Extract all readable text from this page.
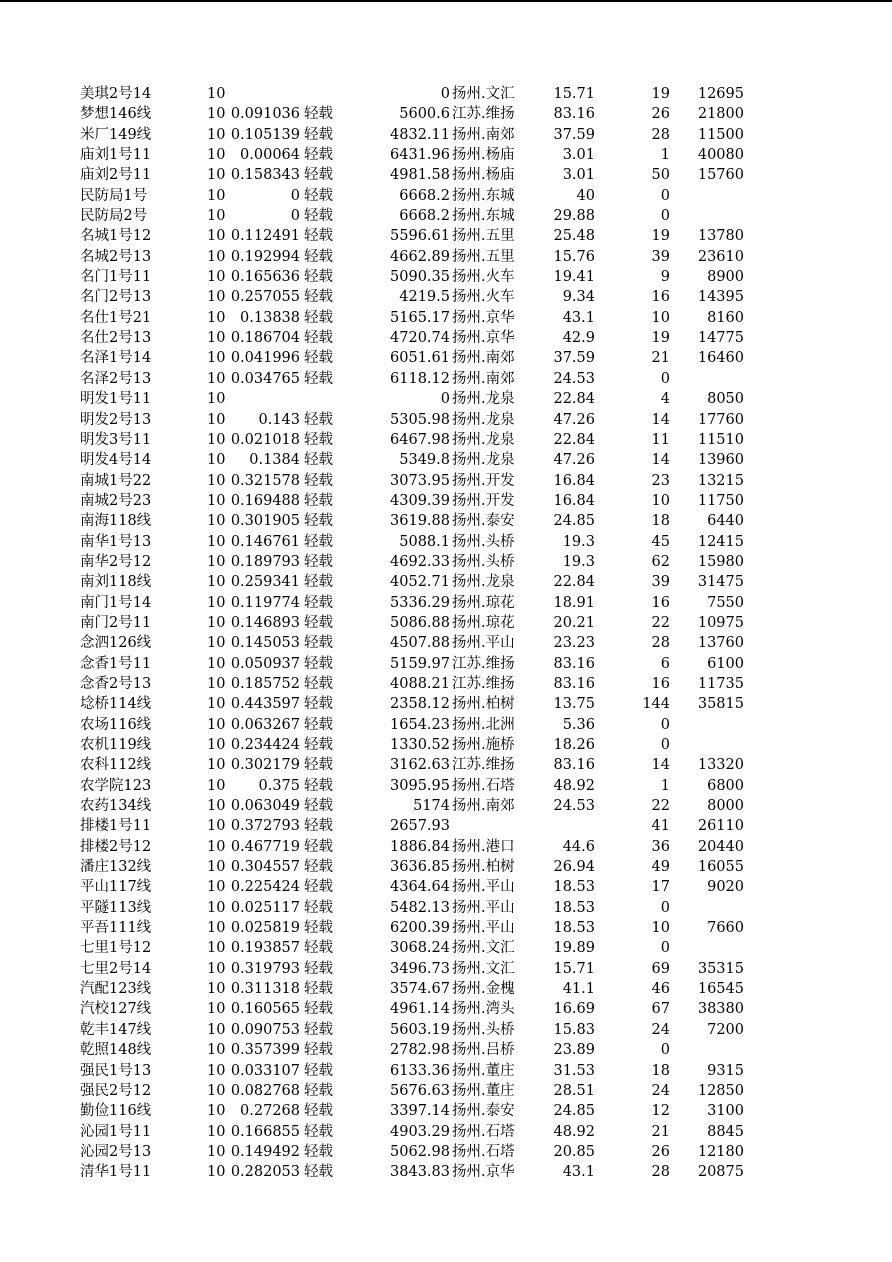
美琪2号14	10	0 扬州.文汇	15.71	19	12695
梦想146线	10 0.091036 轻载	5600.6 江苏.维扬	83.16	26	21800
米厂149线	10 0.105139 轻载	4832.11 扬州.南郊	37.59	28	11500
庙刘1号11	10	0.00064 轻载	6431.96 扬州.杨庙	3.01	1	40080
庙刘2号11	10 0.158343 轻载	4981.58 扬州.杨庙	3.01	50	15760
民防局1号	10	0 轻载	6668.2 扬州.东城	40	0
民防局2号	10	0 轻载	6668.2 扬州.东城	29.88	0
名城1号12	10 0.112491 轻载	5596.61 扬州.五里	25.48	19	13780
名城2号13	10 0.192994 轻载	4662.89 扬州.五里	15.76	39	23610
名门1号11	10 0.165636 轻载	5090.35 扬州.火车	19.41	9	8900
名门2号13	10 0.257055 轻载	4219.5 扬州.火车	9.34	16	14395
名仕1号21	10	0.13838 轻载	5165.17 扬州.京华	43.1	10	8160
名仕2号13	10 0.186704 轻载	4720.74 扬州.京华	42.9	19	14775
名泽1号14	10 0.041996 轻载	6051.61 扬州.南郊	37.59	21	16460
名泽2号13	10 0.034765 轻载	6118.12 扬州.南郊	24.53	0
明发1号11	10	0 扬州.龙泉	22.84	4	8050
明发2号13	10	0.143 轻载	5305.98 扬州.龙泉	47.26	14	17760
明发3号11	10 0.021018 轻载	6467.98 扬州.龙泉	22.84	11	11510
明发4号14	10	0.1384 轻载	5349.8 扬州.龙泉	47.26	14	13960
南城1号22	10 0.321578 轻载	3073.95 扬州.开发	16.84	23	13215
南城2号23	10 0.169488 轻载	4309.39 扬州.开发	16.84	10	11750
南海118线	10 0.301905 轻载	3619.88 扬州.泰安	24.85	18	6440
南华1号13	10 0.146761 轻载	5088.1 扬州.头桥	19.3	45	12415
南华2号12	10 0.189793 轻载	4692.33 扬州.头桥	19.3	62	15980
南刘118线	10 0.259341 轻载	4052.71 扬州.龙泉	22.84	39	31475
南门1号14	10 0.119774 轻载	5336.29 扬州.琼花	18.91	16	7550
南门2号11	10 0.146893 轻载	5086.88 扬州.琼花	20.21	22	10975
念泗126线	10 0.145053 轻载	4507.88 扬州.平山	23.23	28	13760
念香1号11	10 0.050937 轻载	5159.97 江苏.维扬	83.16	6	6100
念香2号13	10 0.185752 轻载	4088.21 江苏.维扬	83.16	16	11735
埝桥114线	10 0.443597 轻载	2358.12 扬州.柏树	13.75	144	35815
农场116线	10 0.063267 轻载	1654.23 扬州.北洲	5.36	0
农机119线	10 0.234424 轻载	1330.52 扬州.施桥	18.26	0
农科112线	10 0.302179 轻载	3162.63 江苏.维扬	83.16	14	13320
农学院123	10	0.375 轻载	3095.95 扬州.石塔	48.92	1	6800
农药134线	10 0.063049 轻载	5174 扬州.南郊	24.53	22	8000
排楼1号11	10 0.372793 轻载	2657.93	41	26110
排楼2号12	10 0.467719 轻载	1886.84 扬州.港口	44.6	36	20440
潘庄132线	10 0.304557 轻载	3636.85 扬州.柏树	26.94	49	16055
平山117线	10 0.225424 轻载	4364.64 扬州.平山	18.53	17	9020
平隧113线	10 0.025117 轻载	5482.13 扬州.平山	18.53	0
平吾111线	10 0.025819 轻载	6200.39 扬州.平山	18.53	10	7660
七里1号12	10 0.193857 轻载	3068.24 扬州.文汇	19.89	0
七里2号14	10 0.319793 轻载	3496.73 扬州.文汇	15.71	69	35315
汽配123线	10 0.311318 轻载	3574.67 扬州.金槐	41.1	46	16545
汽校127线	10 0.160565 轻载	4961.14 扬州.湾头	16.69	67	38380
乾丰147线	10 0.090753 轻载	5603.19 扬州.头桥	15.83	24	7200
乾照148线	10 0.357399 轻载	2782.98 扬州.吕桥	23.89	0
强民1号13	10 0.033107 轻载	6133.36 扬州.董庄	31.53	18	9315
强民2号12	10 0.082768 轻载	5676.63 扬州.董庄	28.51	24	12850
勤俭116线	10	0.27268 轻载	3397.14 扬州.泰安	24.85	12	3100
沁园1号11	10 0.166855 轻载	4903.29 扬州.石塔	48.92	21	8845
沁园2号13	10 0.149492 轻载	5062.98 扬州.石塔	20.85	26	12180
清华1号11	10 0.282053 轻载	3843.83 扬州.京华	43.1	28	20875
